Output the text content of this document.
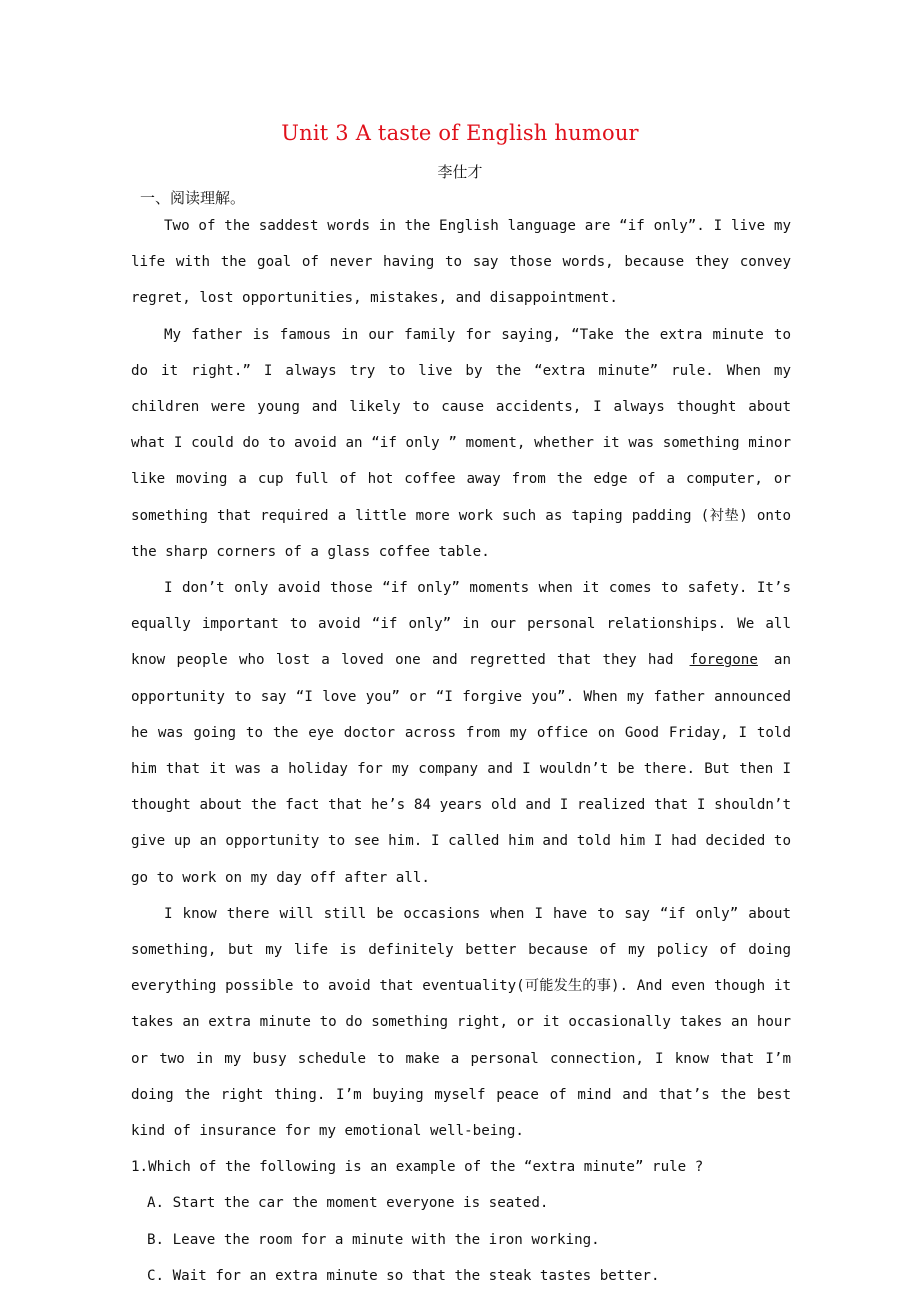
Unit 3 A taste of English humour
李仕才
一、阅读理解。

Two of the saddest words in the English language are “if only”. I live my life with the goal of never having to say those words, because they convey regret, lost opportunities, mistakes, and disappointment.

My father is famous in our family for saying, “Take the extra minute to do it right.” I always try to live by the “extra minute” rule. When my children were young and likely to cause accidents, I always thought about what I could do to avoid an “if only ” moment, whether it was something minor like moving a cup full of hot coffee away from the edge of a computer, or something that required a little more work such as taping padding (衬垫) onto the sharp corners of a glass coffee table.

I don’t only avoid those “if only” moments when it comes to safety. It’s equally important to avoid “if only” in our personal relationships. We all know people who lost a loved one and regretted that they had foregone an opportunity to say “I love you” or “I forgive you”. When my father announced he was going to the eye doctor across from my office on Good Friday, I told him that it was a holiday for my company and I wouldn’t be there. But then I thought about the fact that he’s 84 years old and I realized that I shouldn’t give up an opportunity to see him. I called him and told him I had decided to go to work on my day off after all.

I know there will still be occasions when I have to say “if only” about something, but my life is definitely better because of my policy of doing everything possible to avoid that eventuality(可能发生的事). And even though it takes an extra minute to do something right, or it occasionally takes an hour or two in my busy schedule to make a personal connection, I know that I’m doing the right thing. I’m buying myself peace of mind and that’s the best kind of insurance for my emotional well-being.

1.Which of the following is an example of the “extra minute” rule ?

A. Start the car the moment everyone is seated.
B. Leave the room for a minute with the iron working.
C. Wait for an extra minute so that the steak tastes better.
